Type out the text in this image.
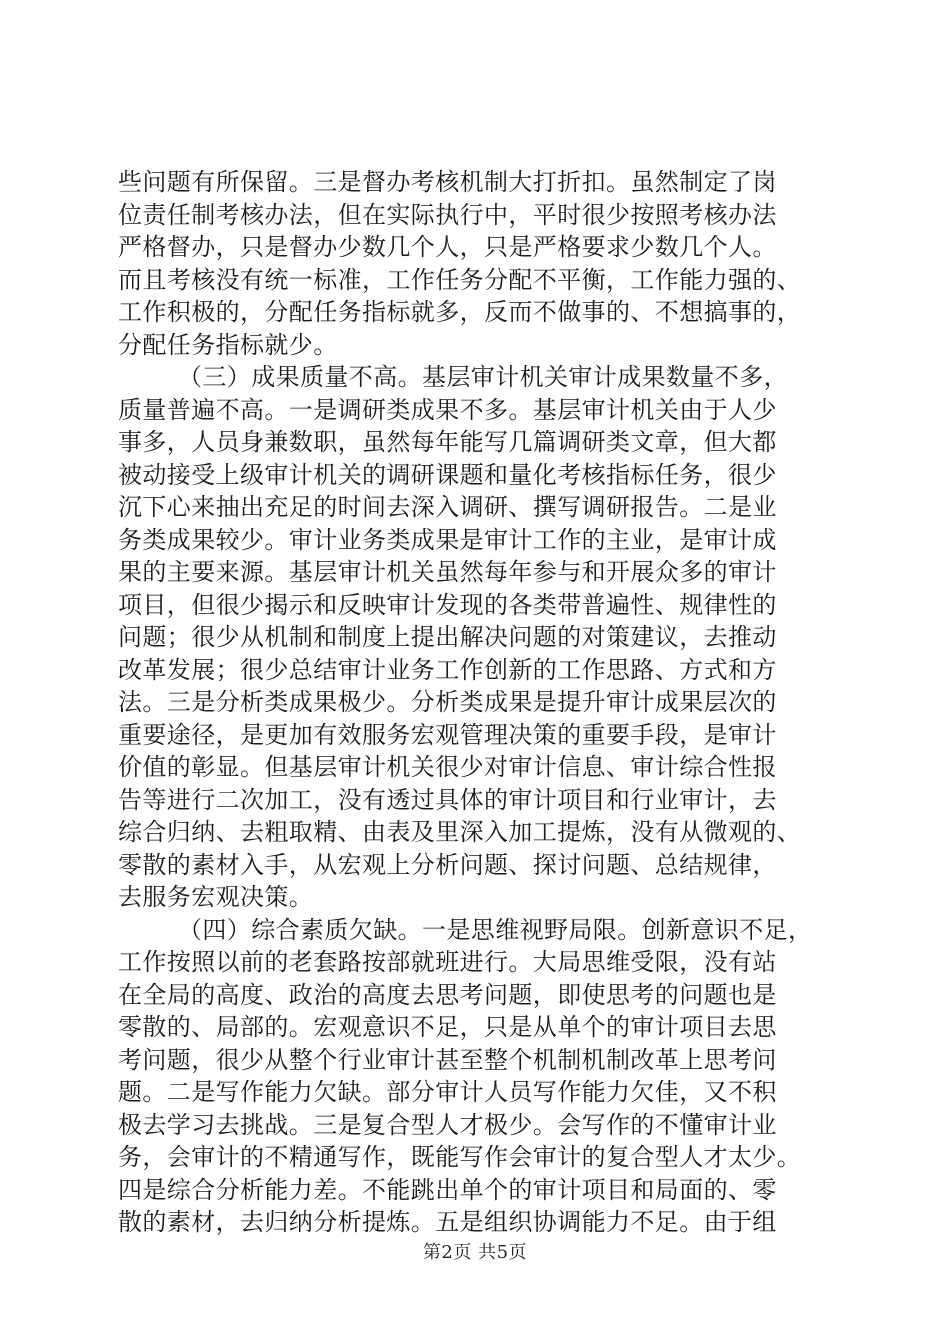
些问题有所保留。三是督办考核机制大打折扣。虽然制定了岗
位责任制考核办法，但在实际执行中，平时很少按照考核办法
严格督办，只是督办少数几个人，只是严格要求少数几个人。
而且考核没有统一标准，工作任务分配不平衡，工作能力强的、
工作积极的，分配任务指标就多，反而不做事的、不想搞事的，
分配任务指标就少。
（三）成果质量不高。基层审计机关审计成果数量不多，
质量普遍不高。一是调研类成果不多。基层审计机关由于人少
事多，人员身兼数职，虽然每年能写几篇调研类文章，但大都
被动接受上级审计机关的调研课题和量化考核指标任务，很少
沉下心来抽出充足的时间去深入调研、撰写调研报告。二是业
务类成果较少。审计业务类成果是审计工作的主业，是审计成
果的主要来源。基层审计机关虽然每年参与和开展众多的审计
项目，但很少揭示和反映审计发现的各类带普遍性、规律性的
问题；很少从机制和制度上提出解决问题的对策建议，去推动
改革发展；很少总结审计业务工作创新的工作思路、方式和方
法。三是分析类成果极少。分析类成果是提升审计成果层次的
重要途径，是更加有效服务宏观管理决策的重要手段，是审计
价值的彰显。但基层审计机关很少对审计信息、审计综合性报
告等进行二次加工，没有透过具体的审计项目和行业审计，去
综合归纳、去粗取精、由表及里深入加工提炼，没有从微观的、
零散的素材入手，从宏观上分析问题、探讨问题、总结规律，
去服务宏观决策。
（四）综合素质欠缺。一是思维视野局限。创新意识不足，
工作按照以前的老套路按部就班进行。大局思维受限，没有站
在全局的高度、政治的高度去思考问题，即使思考的问题也是
零散的、局部的。宏观意识不足，只是从单个的审计项目去思
考问题，很少从整个行业审计甚至整个机制机制改革上思考问
题。二是写作能力欠缺。部分审计人员写作能力欠佳，又不积
极去学习去挑战。三是复合型人才极少。会写作的不懂审计业
务，会审计的不精通写作，既能写作会审计的复合型人才太少。
四是综合分析能力差。不能跳出单个的审计项目和局面的、零
散的素材，去归纳分析提炼。五是组织协调能力不足。由于组
第2页 共5页
